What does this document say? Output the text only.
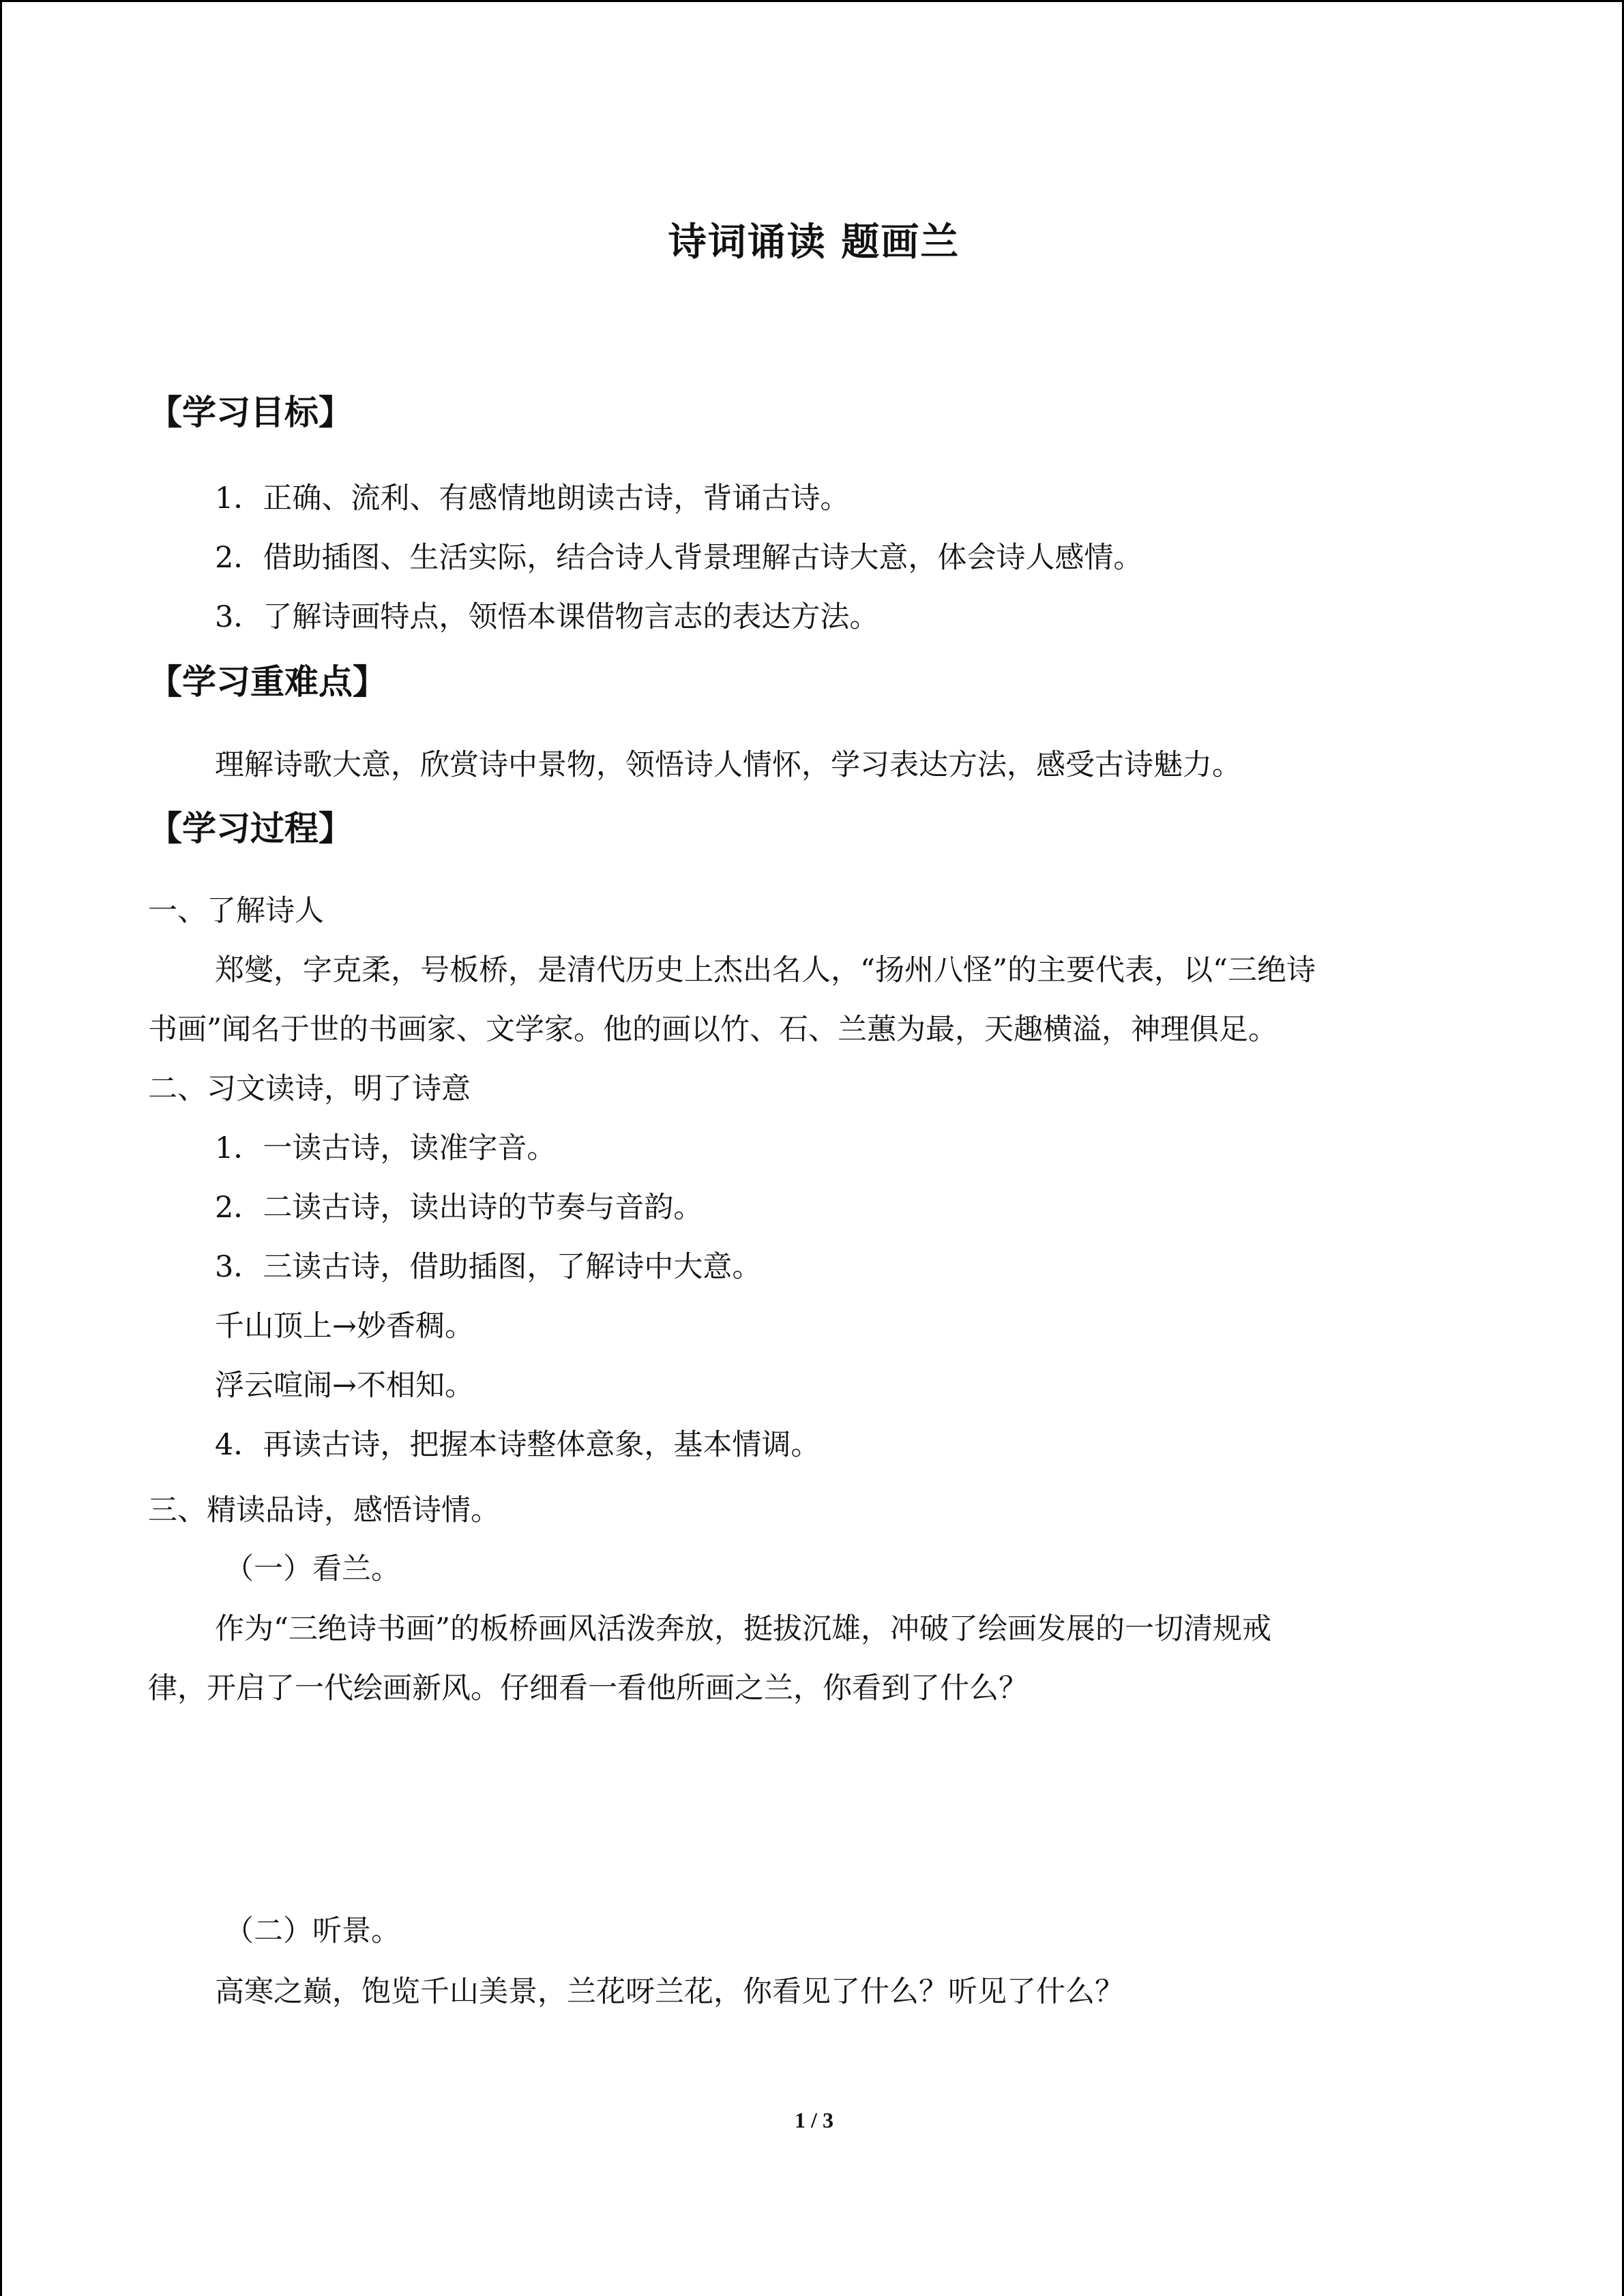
诗词诵读 题画兰
【学习目标】
1．正确、流利、有感情地朗读古诗，背诵古诗。
2．借助插图、生活实际，结合诗人背景理解古诗大意，体会诗人感情。
3．了解诗画特点，领悟本课借物言志的表达方法。
【学习重难点】
理解诗歌大意，欣赏诗中景物，领悟诗人情怀，学习表达方法，感受古诗魅力。
【学习过程】
一、了解诗人
郑燮，字克柔，号板桥，是清代历史上杰出名人，“扬州八怪”的主要代表，以“三绝诗
书画”闻名于世的书画家、文学家。他的画以竹、石、兰蕙为最，天趣横溢，神理俱足。
二、习文读诗，明了诗意
1．一读古诗，读准字音。
2．二读古诗，读出诗的节奏与音韵。
3．三读古诗，借助插图，了解诗中大意。
千山顶上→妙香稠。
浮云喧闹→不相知。
4．再读古诗，把握本诗整体意象，基本情调。
三、精读品诗，感悟诗情。
（一）看兰。
作为“三绝诗书画”的板桥画风活泼奔放，挺拔沉雄，冲破了绘画发展的一切清规戒
律，开启了一代绘画新风。仔细看一看他所画之兰，你看到了什么？
（二）听景。
高寒之巅，饱览千山美景，兰花呀兰花，你看见了什么？听见了什么？
1 / 3
